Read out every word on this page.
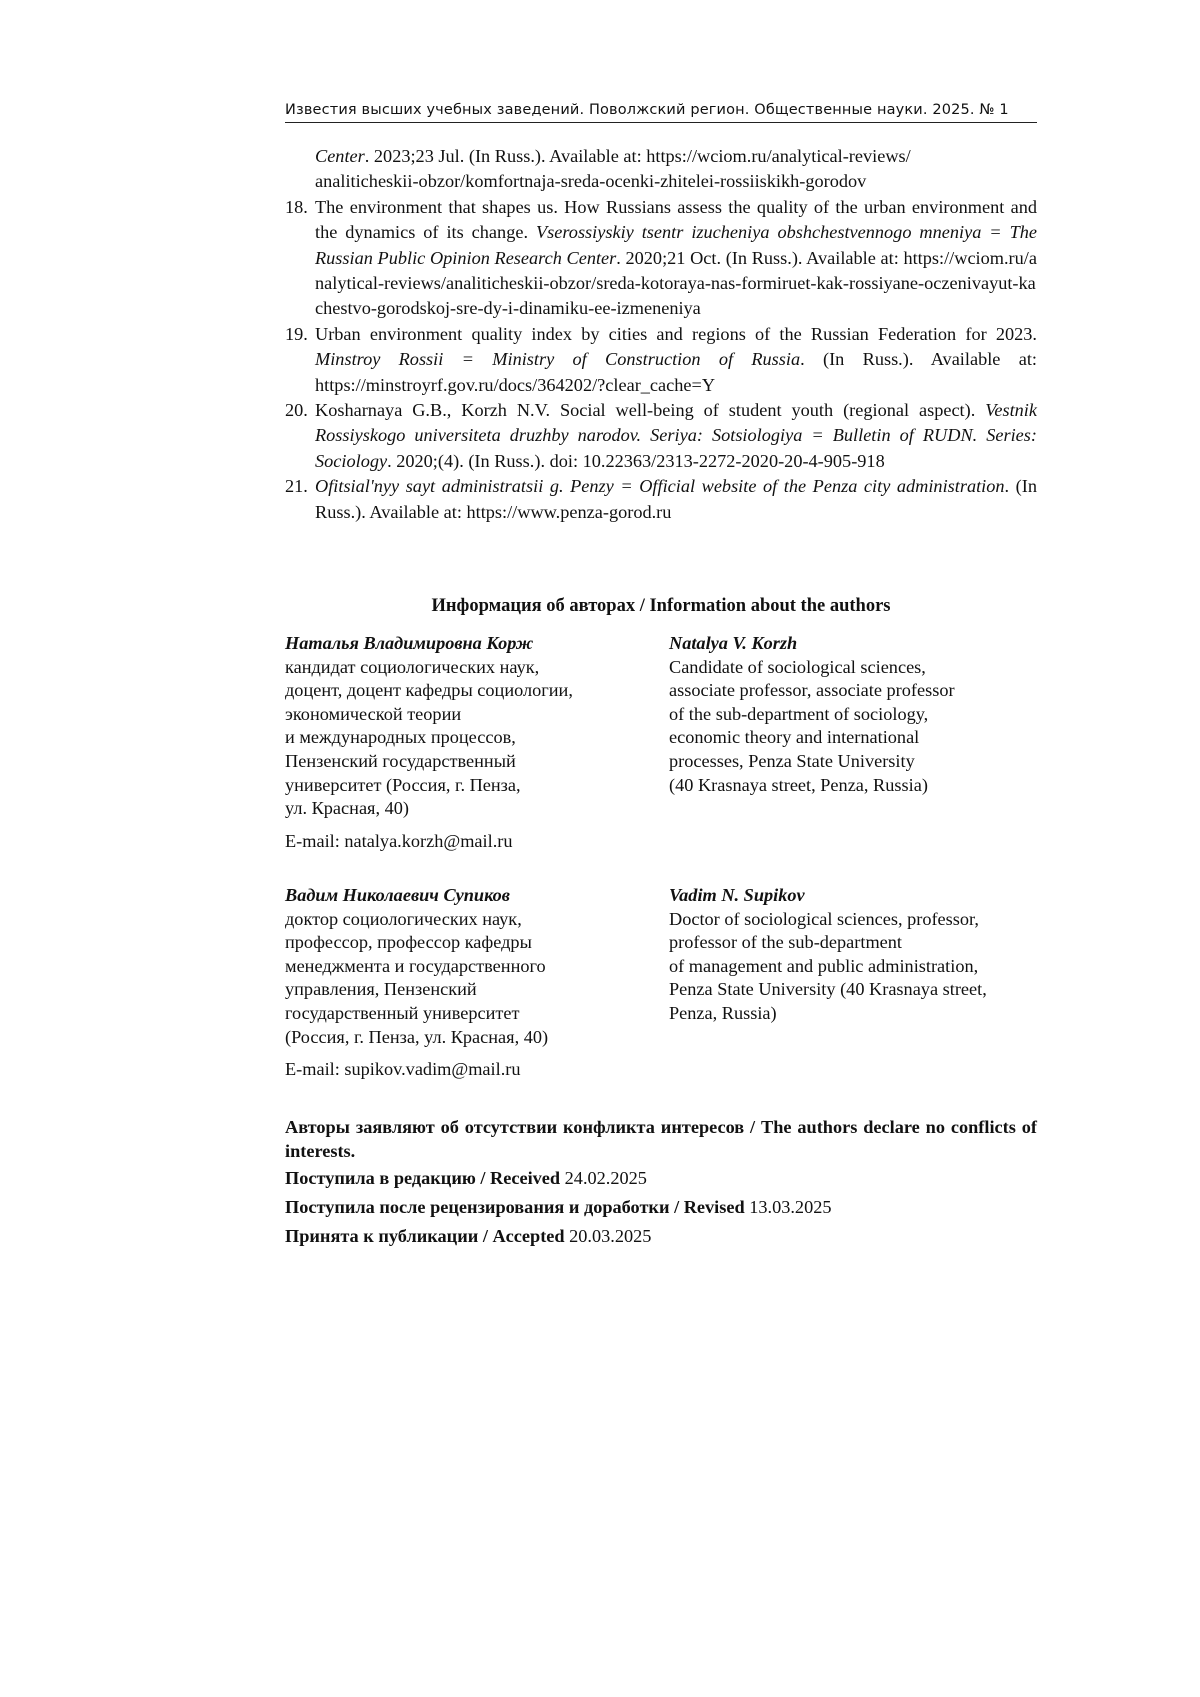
Известия высших учебных заведений. Поволжский регион. Общественные науки. 2025. № 1
Center. 2023;23 Jul. (In Russ.). Available at: https://wciom.ru/analytical-reviews/
analiticheskii-obzor/komfortnaja-sreda-ocenki-zhitelei-rossiiskikh-gorodov
18. The environment that shapes us. How Russians assess the quality of the urban environment and the dynamics of its change. Vserossiyskiy tsentr izucheniya obshchestvennogo mneniya = The Russian Public Opinion Research Center. 2020;21 Oct. (In Russ.). Available at: https://wciom.ru/analytical-reviews/analiticheskii-obzor/sreda-kotoraya-nas-formiruet-kak-rossiyane-oczenivayut-kachestvo-gorodskoj-sre-dy-i-dinamiku-ee-izmeneniya
19. Urban environment quality index by cities and regions of the Russian Federation for 2023. Minstroy Rossii = Ministry of Construction of Russia. (In Russ.). Available at: https://minstroyrf.gov.ru/docs/364202/?clear_cache=Y
20. Kosharnaya G.B., Korzh N.V. Social well-being of student youth (regional aspect). Vestnik Rossiyskogo universiteta druzhby narodov. Seriya: Sotsiologiya = Bulletin of RUDN. Series: Sociology. 2020;(4). (In Russ.). doi: 10.22363/2313-2272-2020-20-4-905-918
21. Ofitsial'nyy sayt administratsii g. Penzy = Official website of the Penza city administration. (In Russ.). Available at: https://www.penza-gorod.ru
Информация об авторах / Information about the authors
Наталья Владимировна Корж
кандидат социологических наук,
доцент, доцент кафедры социологии,
экономической теории
и международных процессов,
Пензенский государственный
университет (Россия, г. Пенза,
ул. Красная, 40)
Natalya V. Korzh
Candidate of sociological sciences,
associate professor, associate professor
of the sub-department of sociology,
economic theory and international
processes, Penza State University
(40 Krasnaya street, Penza, Russia)
E-mail: natalya.korzh@mail.ru
Вадим Николаевич Супиков
доктор социологических наук,
профессор, профессор кафедры
менеджмента и государственного
управления, Пензенский
государственный университет
(Россия, г. Пенза, ул. Красная, 40)
Vadim N. Supikov
Doctor of sociological sciences, professor,
professor of the sub-department
of management and public administration,
Penza State University (40 Krasnaya street,
Penza, Russia)
E-mail: supikov.vadim@mail.ru
Авторы заявляют об отсутствии конфликта интересов / The authors declare no conflicts of interests.
Поступила в редакцию / Received 24.02.2025
Поступила после рецензирования и доработки / Revised 13.03.2025
Принята к публикации / Accepted 20.03.2025
